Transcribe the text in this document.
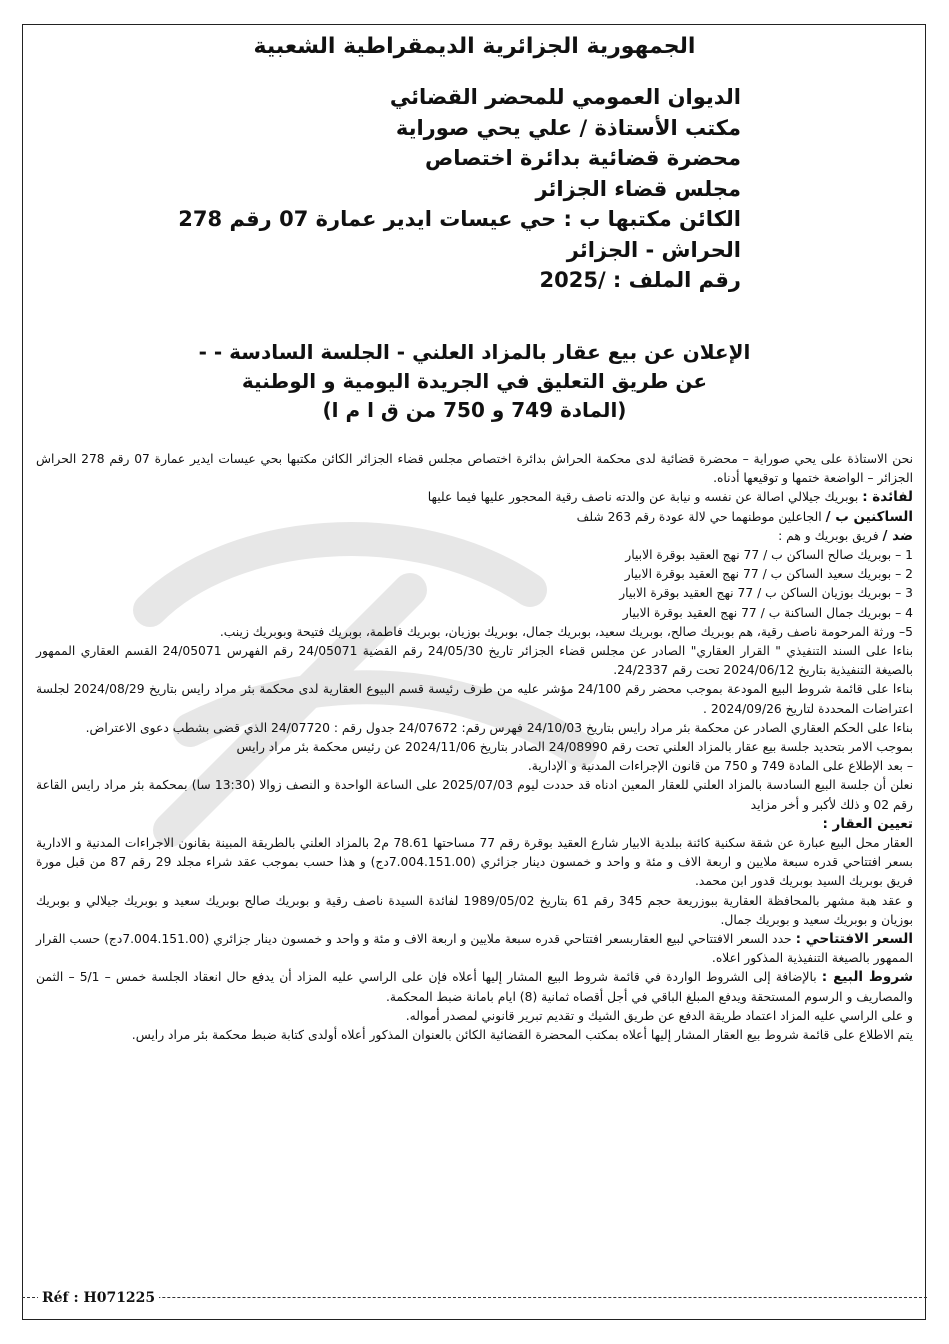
الجمهورية الجزائرية الديمقراطية الشعبية
الديوان العمومي للمحضر القضائي
مكتب الأستاذة / علي يحي صوراية
محضرة قضائية بدائرة اختصاص
مجلس قضاء الجزائر
الكائن مكتبها ب : حي عيسات ايدير عمارة 07 رقم 278
الحراش - الجزائر
رقم الملف : /2025
الإعلان عن بيع عقار بالمزاد العلني - الجلسة السادسة - -
عن طريق التعليق في الجريدة اليومية و الوطنية
(المادة 749 و 750 من ق ا م ا)

نحن الاستاذة على يحي صوراية – محضرة قضائية لدى محكمة الحراش بدائرة اختصاص مجلس قضاء الجزائر الكائن مكتبها بحي عيسات ايدير عمارة 07 رقم 278 الحراش الجزائر – الواضعة ختمها و توقيعها أدناه.

لفائدة : بوبريك جيلالي اصالة عن نفسه و نيابة عن والدته ناصف رقية المحجور عليها فيما عليها

الساكنين ب / الجاعلين موطنهما حي لالة عودة رقم 263 شلف

ضد / فريق بوبريك و هم :

1 – بوبريك صالح الساكن ب / 77 نهج العقيد بوقرة الابيار

2 – بوبريك سعيد الساكن ب / 77 نهج العقيد بوقرة الابيار

3 – بوبريك بوزيان الساكن ب / 77 نهج العقيد بوقرة الابيار

4 – بوبريك جمال الساكنة ب / 77 نهج العقيد بوقرة الابيار

5– ورثة المرحومة ناصف رقية، هم بوبريك صالح، بوبريك سعيد، بوبريك جمال، بوبريك بوزيان، بوبريك فاطمة، بوبريك فتيحة وبوبريك زينب.

بناءا على السند التنفيذي " القرار العقاري" الصادر عن مجلس قضاء الجزائر تاريخ 24/05/30 رقم القضية 24/05071 رقم الفهرس 24/05071 القسم العقاري الممهور بالصيغة التنفيذية بتاريخ 2024/06/12 تحت رقم 24/2337.

بناءا على قائمة شروط البيع المودعة بموجب محضر رقم 24/100 مؤشر عليه من طرف رئيسة قسم البيوع العقارية لدى محكمة بئر مراد رايس بتاريخ 2024/08/29 لجلسة اعتراضات المحددة لتاريخ 2024/09/26 .

بناءا على الحكم العقاري الصادر عن محكمة بئر مراد رايس بتاريخ 24/10/03 فهرس رقم: 24/07672 جدول رقم : 24/07720 الذي قضى بشطب دعوى الاعتراض.

بموجب الامر بتحديد جلسة بيع عقار بالمزاد العلني تحت رقم 24/08990 الصادر بتاريخ 2024/11/06 عن رئيس محكمة بئر مراد رايس

– بعد الإطلاع على المادة 749 و 750 من قانون الإجراءات المدنية و الإدارية.

نعلن أن جلسة البيع السادسة بالمزاد العلني للعقار المعين ادناه قد حددت ليوم 2025/07/03 على الساعة الواحدة و النصف زوالا (13:30 سا) بمحكمة بئر مراد رايس القاعة رقم 02 و ذلك لأكبر و أخر مزايد

تعيين العقار :

العقار محل البيع عبارة عن شقة سكنية كائنة ببلدية الابيار شارع العقيد بوقرة رقم 77 مساحتها 78.61 م2 بالمزاد العلني بالطريقة المبينة بقانون الاجراءات المدنية و الادارية بسعر افتتاحي قدره سبعة ملايين و اربعة الاف و مئة و واحد و خمسون دينار جزائري (7.004.151.00دج) و هذا حسب بموجب عقد شراء مجلد 29 رقم 87 من قبل مورة فريق بوبريك السيد بوبريك قدور ابن محمد.

و عقد هبة مشهر بالمحافظة العقارية ببوزريعة حجم 345 رقم 61 بتاريخ 1989/05/02 لفائدة السيدة ناصف رقية و بوبريك صالح بوبريك سعيد و بوبريك جيلالي و بوبريك بوزيان و بوبريك سعيد و بوبريك جمال.

السعر الافتتاحي : حدد السعر الافتتاحي لبيع العقاربسعر افتتاحي قدره سبعة ملايين و اربعة الاف و مئة و واحد و خمسون دينار جزائري (7.004.151.00دج) حسب القرار الممهور بالصيغة التنفيذية المذكور اعلاه.

شروط البيع : بالإضافة إلى الشروط الواردة في قائمة شروط البيع المشار إليها أعلاه فإن على الراسي عليه المزاد أن يدفع حال انعقاد الجلسة خمس – 5/1 – الثمن والمصاريف و الرسوم المستحقة ويدفع المبلغ الباقي في أجل أقصاه ثمانية (8) ايام بامانة ضبط المحكمة.

و على الراسي عليه المزاد اعتماد طريقة الدفع عن طريق الشيك و تقديم تبرير قانوني لمصدر أمواله.

يتم الاطلاع على قائمة شروط بيع العقار المشار إليها أعلاه بمكتب المحضرة القضائية الكائن بالعنوان المذكور أعلاه أولدى كتابة ضبط محكمة بئر مراد رايس.

Réf : H071225
